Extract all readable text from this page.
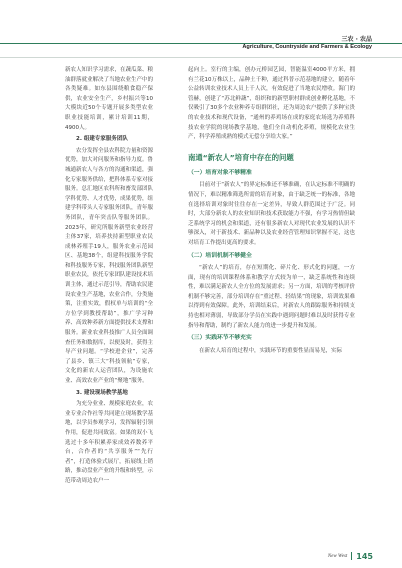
三农 · 农品
Agriculture, Countryside and Farmers & Ecology

新农人知识学习需求，在蔬瓜菜、粮油群落就业解决了当地农业生产中的各类疑难。如东县围绕粮食稳产保供，农业安全生产，乡村振兴等10大模块近50个专题开展多类型农业职业技能培训，累计培训11期，4900人。

2. 组建专家服务团队

农分发挥全县农科院力量和资源优势，加大对问服务和指导力度。鲁城通新农人与各方的沟通和渠道，强化专家服务供给，把科体系专家对接服务。总汇地区农科所和畜发部团队学科优势、人才优势，成果优势，组建学科带头人专家服务团队，青年服务团队，青年突击队等服务团队。2023年，研究所服务新型农业经营主体37家，培养扶持新型职业农民成林养殖手19人，服务农业示范园区、基地38个，组建科技服务学院和科技服务专家，科技服务团队新型职业农民，依托专家团队建设技术培训主体，通过示范引导，帮助农民建设农业生产基地，农业合作，分类施策，注重实效，假权单与培训的“全方位学到教授帮助”，推广学习种养、高效种养新方面提供技术支撑和服务。新业农业科技推广人员全面调查任务和数据库，以便及时，获得主导产业问题。“学校进企业”，完善了县乡、镇三大“科技领航”专家，文化的新农人运营团队，为设施农业、高效农业产业的“聚地”服务。

3. 建设现场教学基地

为充分业业、规模家庭农业，农业专业合作社等共同建立现场教学基地，以学员参观学习，发挥辐射引领作用，促进共同致富。如果的双小飞选过十多年积累养家成效养数养平台，合作者的“共享服务”“先行者”，打造体验式展厅，拓展线上销路，推动盘业产业的升级和转型，示范带动周边农户一

起向上。室行的主编，创办元桥园艺园，智能温室4000平方米，拥有兰花10万株以上，品种土千种，通过科普示范基地的建立，随着年公益转训农业技术人员上千人次，有效促进了当地农民增收。海门的管赫，创建了“苏北鲜蔬”，组织和的新型职村群成创业孵化基地，不仅吸引了30多个农业种养专组群团社，还为周边农户提供了多种宝贵的农业技术和现代设备，“通州的养鸡场在成的家庭农场选为养殖科技农业学院的现场教学基地，他们全自动机化养殖，规模化农业生产，科学养殖成熟的模式无偿分享给大家。”

南通“新农人”培育中存在的问题

（一）培育对象不够精准

目前对于“新农人”的界定标准还不够准确，在认定标准不明确的情况下，难以精准筛选所需的培育对象，由于缺乏统一的标准，各地在选择培训对象时往往存在一定差异，导致人群范围过于广泛。同时，大部分新农人的农业知识和技术获取能力不强，有学习热情但缺乏系统学习的机会和渠道，还有很多新农人对现代农业发展的认识不够深入，对于新技术、新品种以及农业经营管理知识掌握不足，这也对培育工作提出更高的要求。

（二）培训机制不够健全

“新农人”的培育，存在短期化、碎片化、形式化的问题，一方面，现有的培训课程体系和教学方式较为单一，缺乏系统性和连续性，难以满足新农人全方位的发展需求；另一方面，培训的考核评价机制不够完善，部分培训存在“重过程、轻结果”的现象，培训效果难以得到有效保障。此外，培训结束后，对新农人的跟踪服务和持续支持也相对薄弱，导致部分学员在实践中遇到问题时难以及时获得专业指导和帮助，制约了新农人能力的进一步提升和发展。

（三）实践环节不够充实

在新农人培育的过程中，实践环节的重要性显而易见，实际

New West 145
